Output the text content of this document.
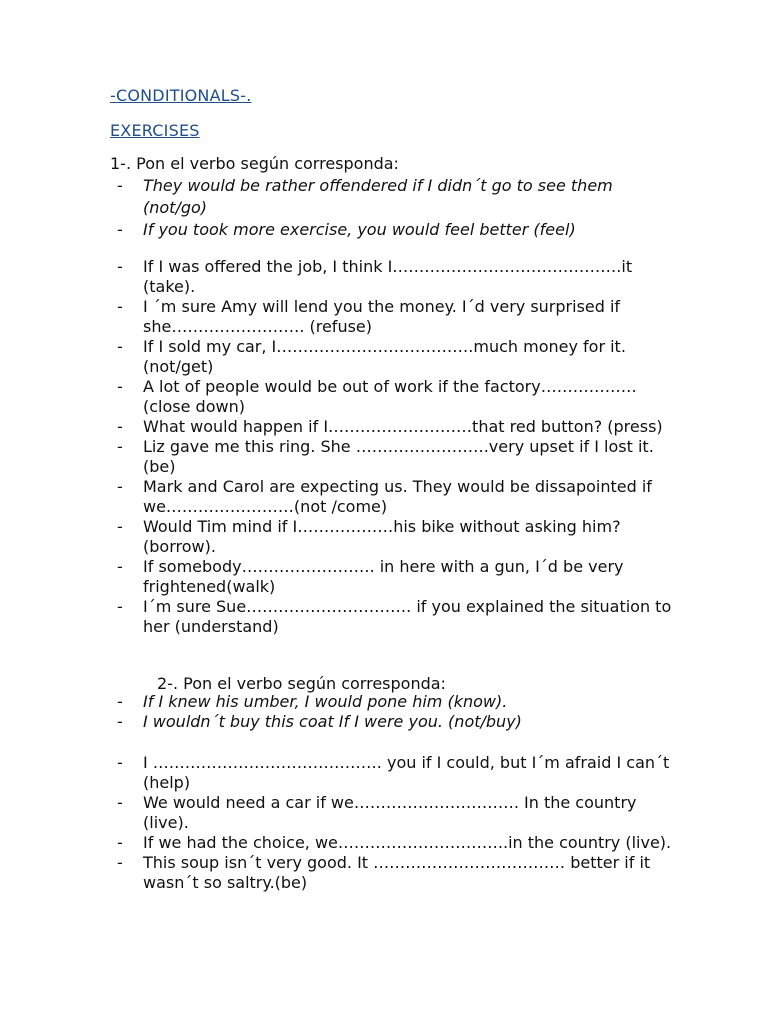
-CONDITIONALS-.
EXERCISES
1-. Pon el verbo según corresponda:
- They would be rather offendered if I didn´t go to see them (not/go)
- If you took more exercise, you would feel better (feel)
- If I was offered the job, I think I…………………………………….it (take).
- I ´m sure Amy will lend you the money. I´d very surprised if she……………………. (refuse)
- If I sold my car, I……………………………….much money for it. (not/get)
- A lot of people would be out of work if the factory………………(close down)
- What would happen if I………………………that red button? (press)
- Liz gave me this ring. She …………………….very upset if I lost it.(be)
- Mark and Carol are expecting us. They would be dissapointed if we……………………(not /come)
- Would Tim mind if I………………his bike without asking him?(borrow).
- If somebody……………………. in here with a gun, I´d be very frightened(walk)
- I´m sure Sue…………………………. if you explained the situation to her (understand)
2-. Pon el verbo según corresponda:
- If I knew his umber, I would pone him (know).
- I wouldn´t buy this coat If I were you. (not/buy)
- I ……………………………………. you if I could, but I´m afraid I can´t (help)
- We would need a car if we…………………………. In the country (live).
- If we had the choice, we…………………………..in the country (live).
- This soup isn´t very good. It ……………………………… better if it wasn´t so saltry.(be)
